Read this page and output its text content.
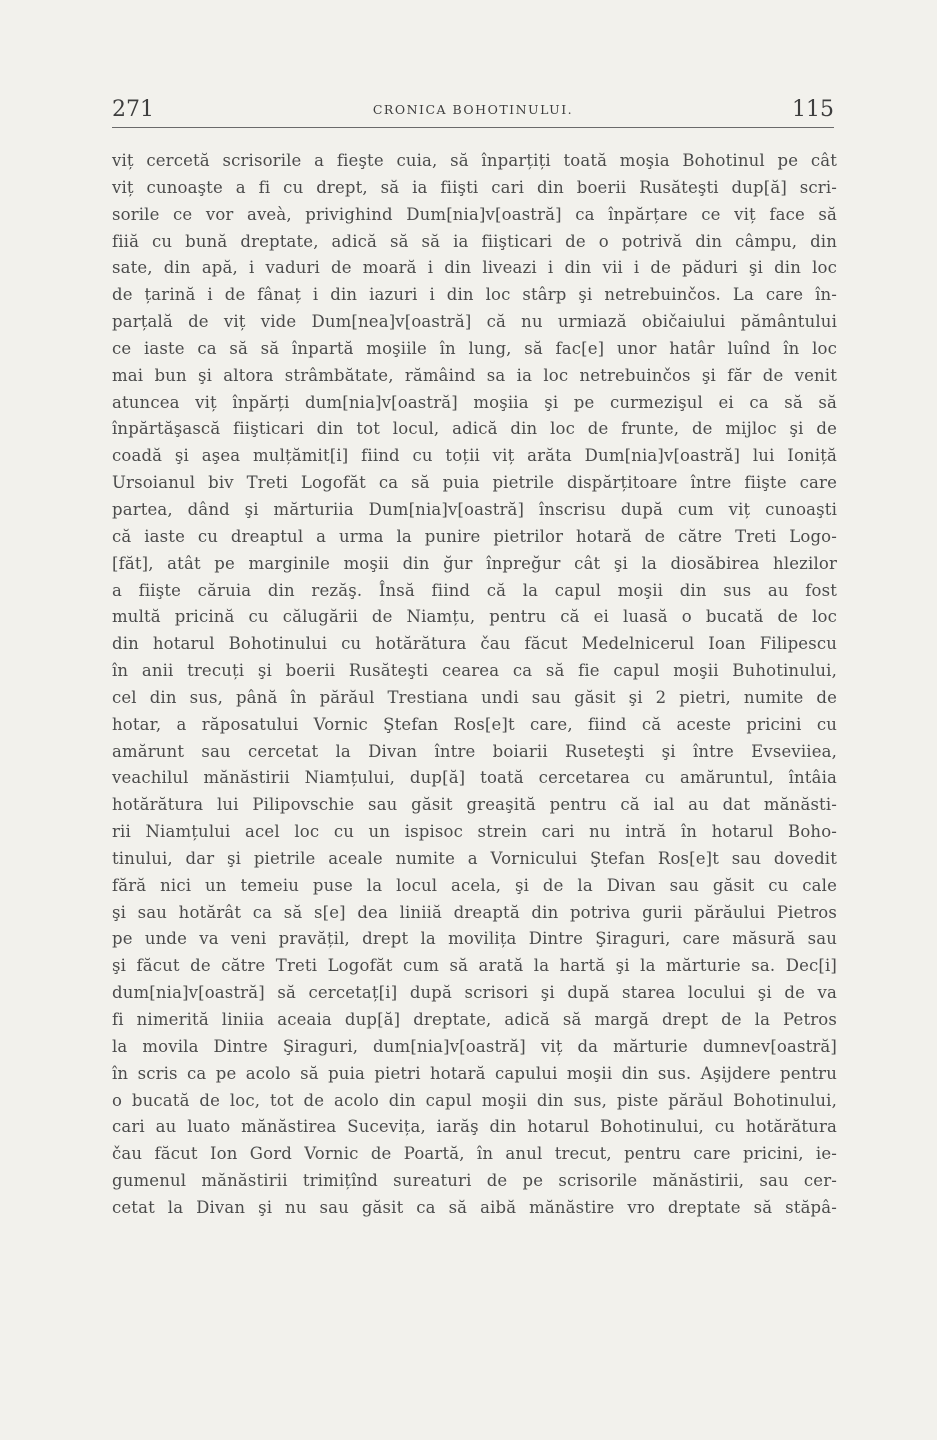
271	CRONICA BOHOTINULUI.	115
viț cercetă scrisorile a fieşte cuia, să înparțiți toată moşia Bohotinul pe cât
viț cunoaşte a fi cu drept, să ia fiişti cari din boerii Rusăteşti dup[ă] scri-
sorile ce vor aveà, privighind Dum[nia]v[oastră] ca înpărțare ce viț face să
fiiă cu bună dreptate, adică să să ia fiişticari de o potrivă din câmpu, din
sate, din apă, i vaduri de moară i din liveazi i din vii i de păduri şi din loc
de țarină i de fânaț i din iazuri i din loc stârp şi netrebuinčos. La care în-
parțală de viț vide Dum[nea]v[oastră] că nu urmiază običaiului pământului
ce iaste ca să să înpartă moşiile în lung, să fac[e] unor hatâr luînd în loc
mai bun şi altora strâmbătate, rămâind sa ia loc netrebuinčos şi făr de venit
atuncea viț înpărți dum[nia]v[oastră] moşiia şi pe curmezişul ei ca să să
înpărtăşască fiişticari din tot locul, adică din loc de frunte, de mijloc şi de
coadă şi aşea mulțămit[i] fiind cu toții viț arăta Dum[nia]v[oastră] lui Ioniță
Ursoianul biv Treti Logofăt ca să puia pietrile dispărțitoare între fiişte care
partea, dând şi mărturiia Dum[nia]v[oastră] înscrisu după cum viț cunoaşti
că iaste cu dreaptul a urma la punire pietrilor hotară de către Treti Logo-
[făt], atât pe marginile moşii din ğur înpreğur cât şi la diosăbirea hlezilor
a fiişte căruia din rezăş. Însă fiind că la capul moşii din sus au fost
multă pricină cu călugării de Niamțu, pentru că ei luasă o bucată de loc
din hotarul Bohotinului cu hotărătura čau făcut Medelnicerul Ioan Filipescu
în anii trecuți şi boerii Rusăteşti cearea ca să fie capul moşii Buhotinului,
cel din sus, până în părăul Trestiana undi sau găsit şi 2 pietri, numite de
hotar, a răposatului Vornic Ştefan Ros[e]t care, fiind că aceste pricini cu
amărunt sau cercetat la Divan între boiarii Ruseteşti şi între Evseviiea,
veachilul mănăstirii Niamțului, dup[ă] toată cercetarea cu amăruntul, întâia
hotărătura lui Pilipovschie sau găsit greaşită pentru că ial au dat mănăsti-
rii Niamțului acel loc cu un ispisoc strein cari nu intră în hotarul Boho-
tinului, dar şi pietrile aceale numite a Vornicului Ştefan Ros[e]t sau dovedit
fără nici un temeiu puse la locul acela, şi de la Divan sau găsit cu cale
şi sau hotărât ca să s[e] dea liniiă dreaptă din potriva gurii părăului Pietros
pe unde va veni pravățil, drept la movilița Dintre Şiraguri, care măsură sau
şi făcut de către Treti Logofăt cum să arată la hartă şi la mărturie sa. Dec[i]
dum[nia]v[oastră] să cercetaț[i] după scrisori şi după starea locului şi de va
fi nimerită liniia aceaia dup[ă] dreptate, adică să margă drept de la Petros
la movila Dintre Şiraguri, dum[nia]v[oastră] viț da mărturie dumnev[oastră]
în scris ca pe acolo să puia pietri hotară capului moşii din sus. Aşijdere pentru
o bucată de loc, tot de acolo din capul moşii din sus, piste părăul Bohotinului,
cari au luato mănăstirea Sucevița, iarăş din hotarul Bohotinului, cu hotărătura
čau făcut Ion Gord Vornic de Poartă, în anul trecut, pentru care pricini, ie-
gumenul mănăstirii trimițînd sureaturi de pe scrisorile mănăstirii, sau cer-
cetat la Divan şi nu sau găsit ca să aibă mănăstire vro dreptate să stăpâ-
